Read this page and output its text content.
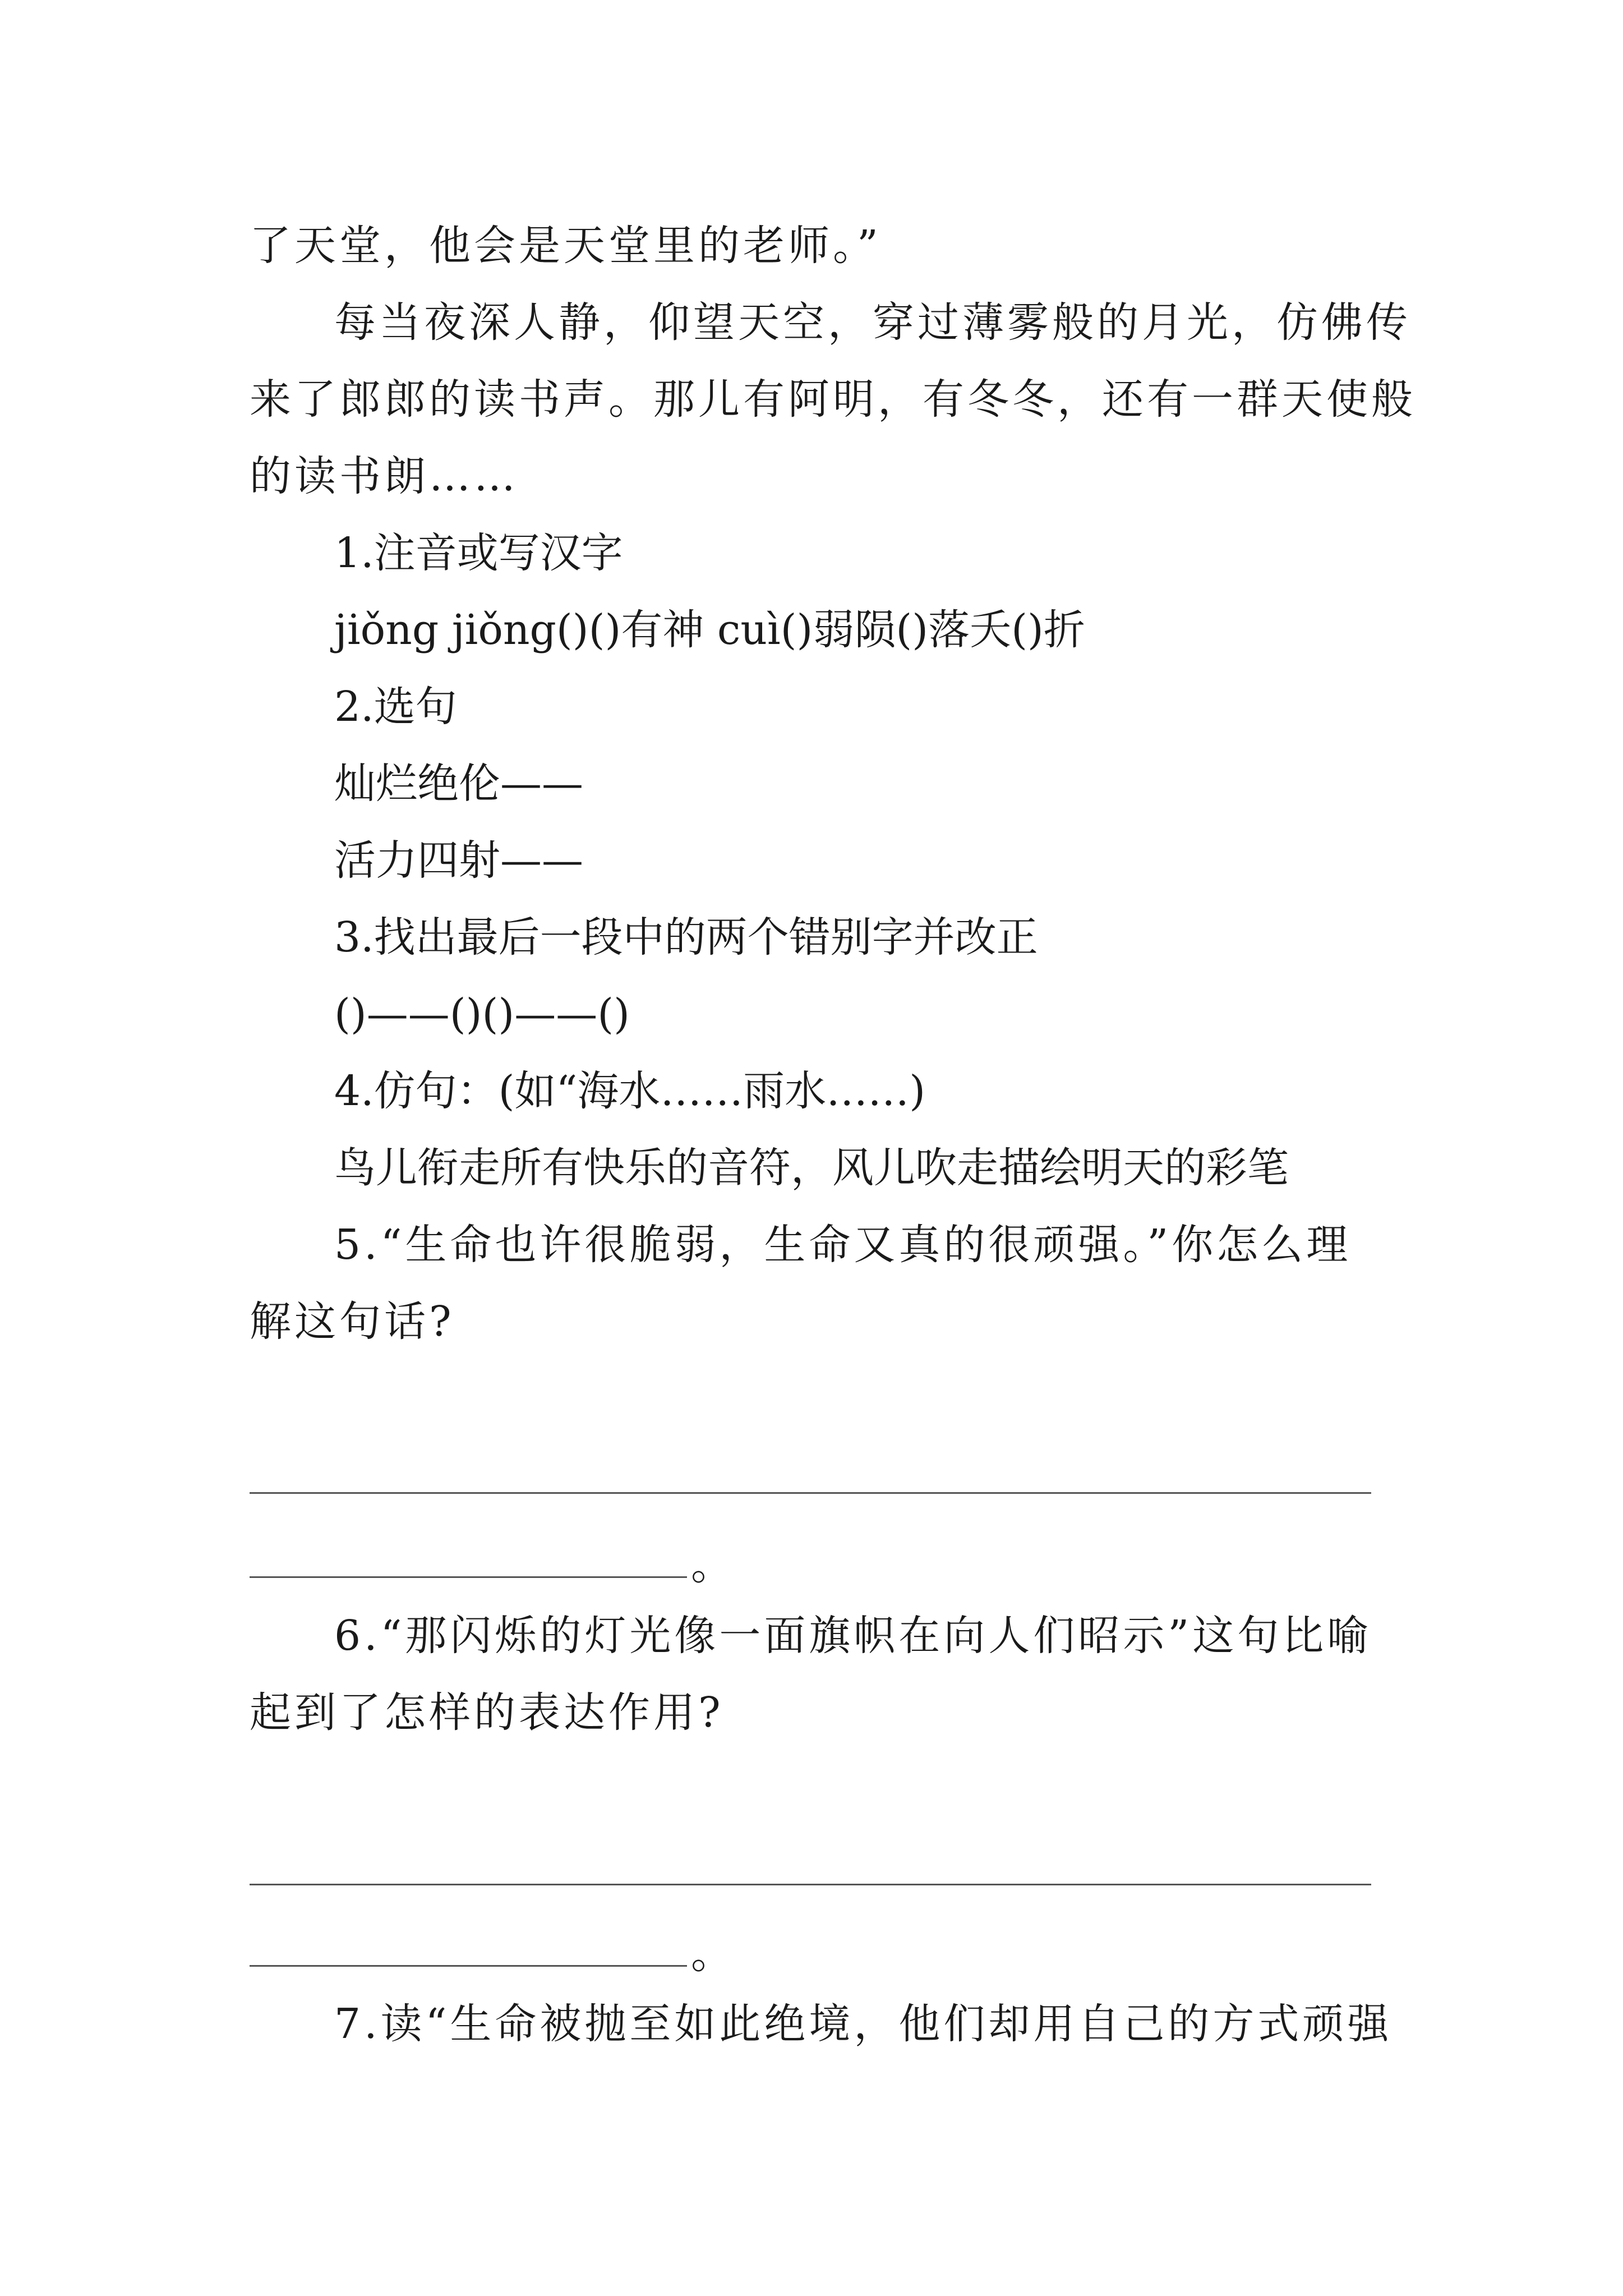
了天堂，他会是天堂里的老师。”
每当夜深人静，仰望天空，穿过薄雾般的月光，仿佛传
来了郎郎的读书声。那儿有阿明，有冬冬，还有一群天使般
的读书朗……
1.注音或写汉字
jiǒng jiǒng()()有神 cuì()弱陨()落夭()折
2.选句
灿烂绝伦——
活力四射——
3.找出最后一段中的两个错别字并改正
()——()()——()
4.仿句：(如“海水……雨水……)
鸟儿衔走所有快乐的音符，风儿吹走描绘明天的彩笔
5.“生命也许很脆弱，生命又真的很顽强。”你怎么理
解这句话?
。
6.“那闪烁的灯光像一面旗帜在向人们昭示”这句比喻
起到了怎样的表达作用?
。
7.读“生命被抛至如此绝境，他们却用自己的方式顽强
